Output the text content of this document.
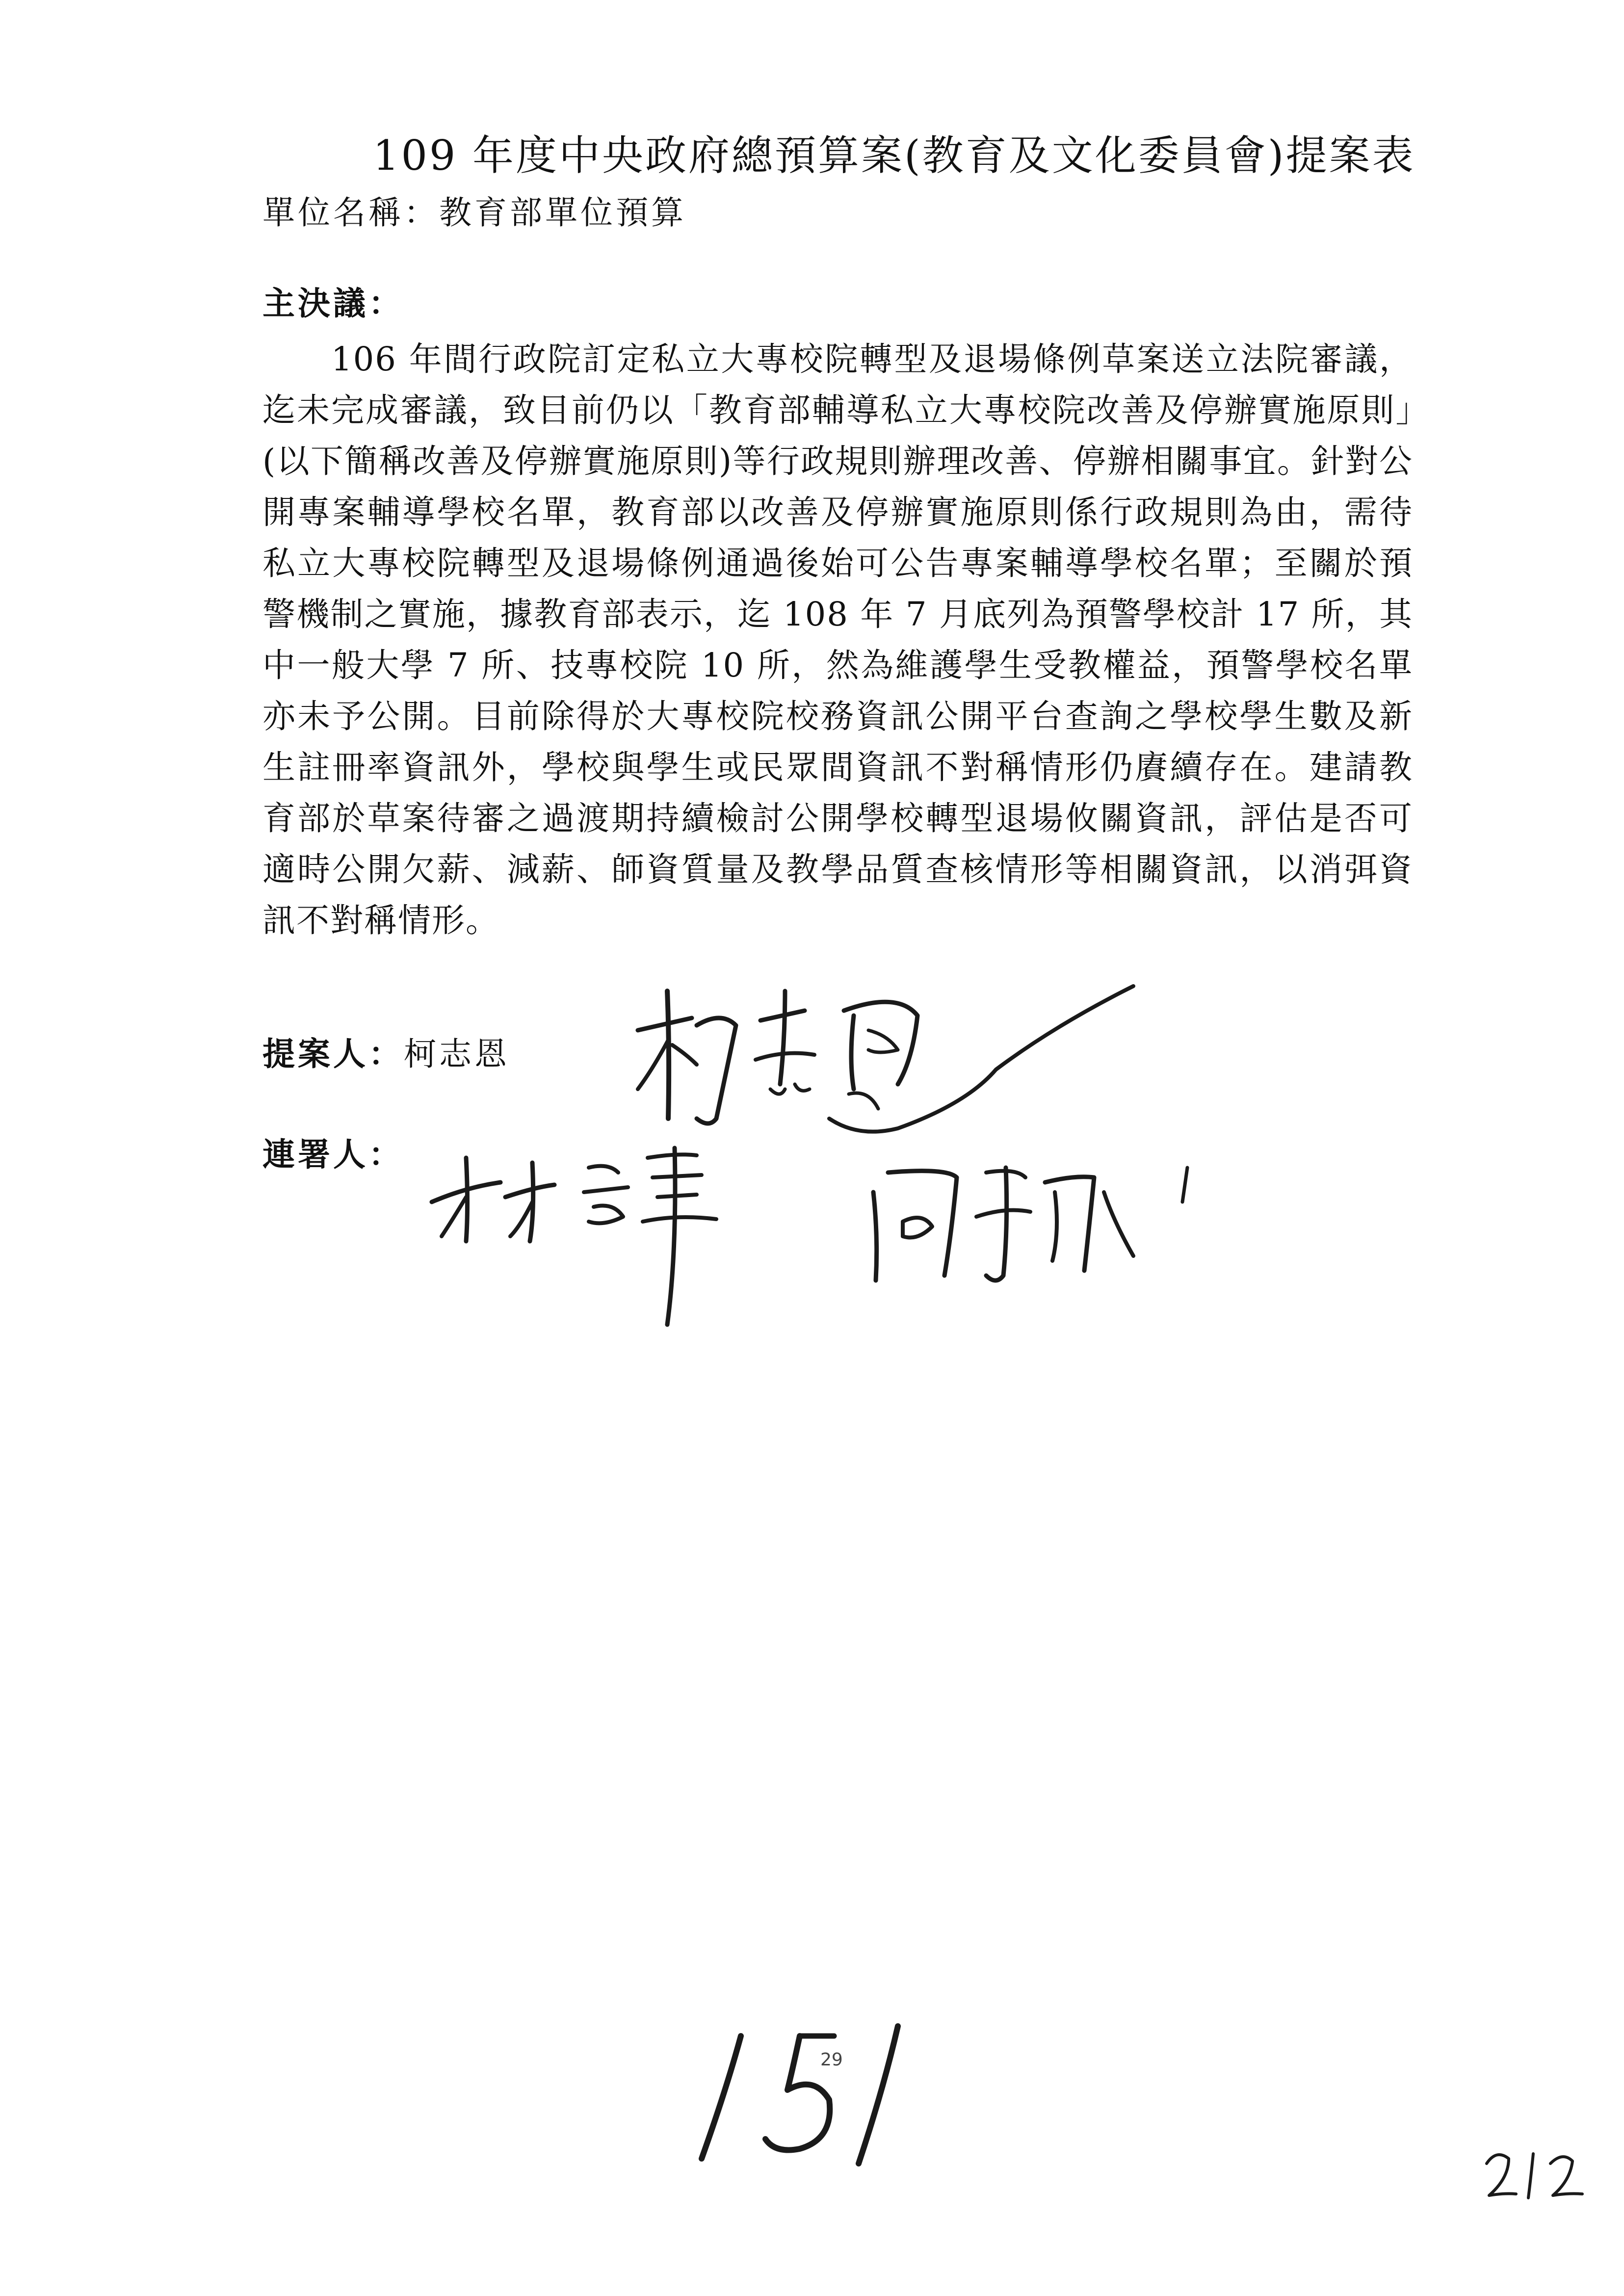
109 年度中央政府總預算案(教育及文化委員會)提案表
單位名稱：教育部單位預算
主決議：
106 年間行政院訂定私立大專校院轉型及退場條例草案送立法院審議，迄未完成審議，致目前仍以「教育部輔導私立大專校院改善及停辦實施原則」(以下簡稱改善及停辦實施原則)等行政規則辦理改善、停辦相關事宜。針對公開專案輔導學校名單，教育部以改善及停辦實施原則係行政規則為由，需待私立大專校院轉型及退場條例通過後始可公告專案輔導學校名單；至關於預警機制之實施，據教育部表示，迄 108 年 7 月底列為預警學校計 17 所，其中一般大學 7 所、技專校院 10 所，然為維護學生受教權益，預警學校名單亦未予公開。目前除得於大專校院校務資訊公開平台查詢之學校學生數及新生註冊率資訊外，學校與學生或民眾間資訊不對稱情形仍賡續存在。建請教育部於草案待審之過渡期持續檢討公開學校轉型退場攸關資訊，評估是否可適時公開欠薪、減薪、師資質量及教學品質查核情形等相關資訊，以消弭資訊不對稱情形。
提案人：柯志恩
連署人：
29
